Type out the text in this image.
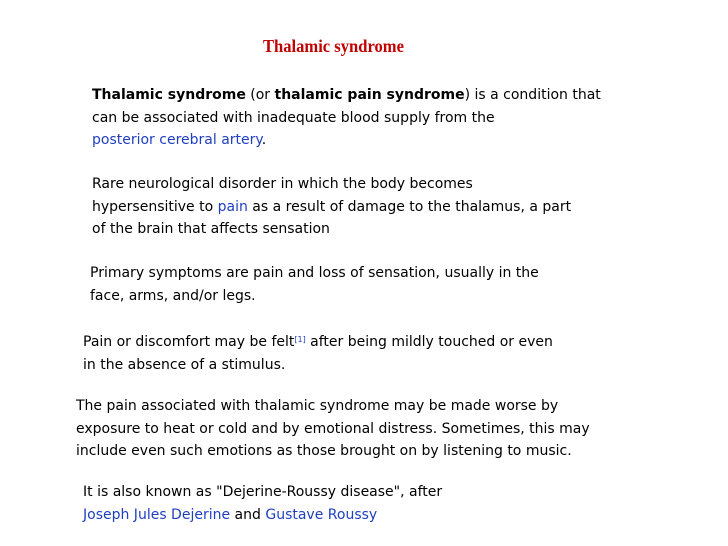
Thalamic syndrome
Thalamic syndrome (or thalamic pain syndrome) is a condition that
can be associated with inadequate blood supply from the
posterior cerebral artery.
Rare neurological disorder in which the body becomes
hypersensitive to pain as a result of damage to the thalamus, a part
of the brain that affects sensation
Primary symptoms are pain and loss of sensation, usually in the
face, arms, and/or legs.
Pain or discomfort may be felt[1] after being mildly touched or even
in the absence of a stimulus.
The pain associated with thalamic syndrome may be made worse by
exposure to heat or cold and by emotional distress. Sometimes, this may
include even such emotions as those brought on by listening to music.
It is also known as "Dejerine-Roussy disease", after
Joseph Jules Dejerine and Gustave Roussy
